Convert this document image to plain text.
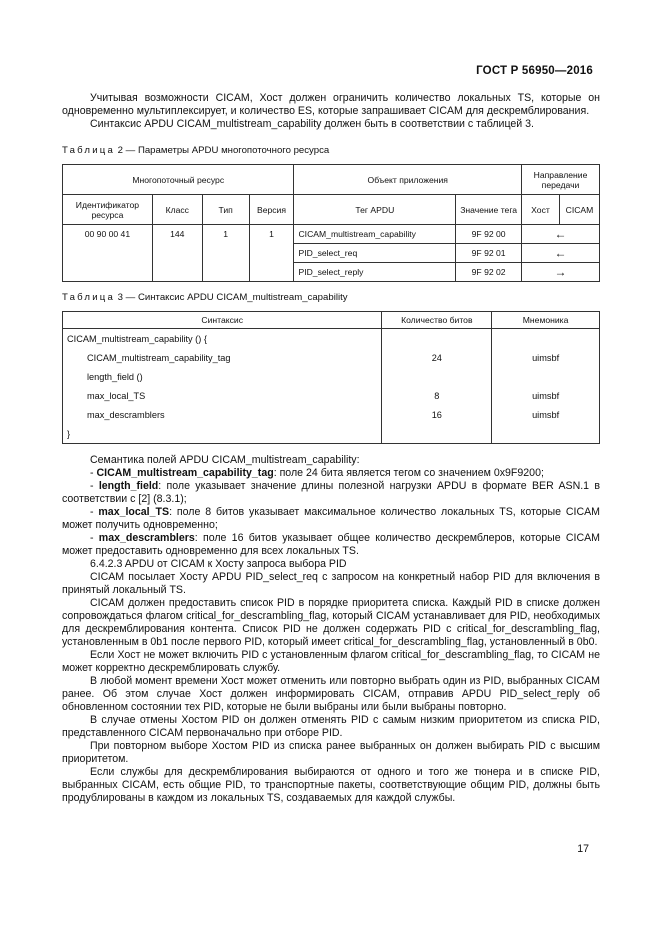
ГОСТ Р 56950—2016

Учитывая возможности CICAM, Хост должен ограничить количество локальных TS, которые он одновременно мультиплексирует, и количество ES, которые запрашивает CICAM для дескремблирования.

Синтаксис APDU CICAM_multistream_capability должен быть в соответствии с таблицей 3.

Таблица 2 — Параметры APDU многопоточного ресурса
Многопоточный ресурс				Объект приложения		Направление передачи	
Идентификатор ресурса	Класс	Тип	Версия	Тег APDU	Значение тега	Хост	CICAM
00 90 00 41	144	1	1	CICAM_multistream_capability	9F 92 00	←	
				PID_select_req	9F 92 01	←	
				PID_select_reply	9F 92 02	→	
Таблица 3 — Синтаксис APDU CICAM_multistream_capability
Синтаксис	Количество битов	Мнемоника
CICAM_multistream_capability () {		
CICAM_multistream_capability_tag	24	uimsbf
length_field ()		
max_local_TS	8	uimsbf
max_descramblers	16	uimsbf
}		

Семантика полей APDU CICAM_multistream_capability:

- CICAM_multistream_capability_tag: поле 24 бита является тегом со значением 0x9F9200;

- length_field: поле указывает значение длины полезной нагрузки APDU в формате BER ASN.1 в соответствии с [2] (8.3.1);

- max_local_TS: поле 8 битов указывает максимальное количество локальных TS, которые CICAM может получить одновременно;

- max_descramblers: поле 16 битов указывает общее количество дескремблеров, которые CICAM может предоставить одновременно для всех локальных TS.

6.4.2.3 APDU от CICAM к Хосту запроса выбора PID

CICAM посылает Хосту APDU PID_select_req с запросом на конкретный набор PID для включения в принятый локальный TS.

CICAM должен предоставить список PID в порядке приоритета списка. Каждый PID в списке должен сопровождаться флагом critical_for_descrambling_flag, который CICAM устанавливает для PID, необходимых для дескремблирования контента. Список PID не должен содержать PID с critical_for_descrambling_flag, установленным в 0b1 после первого PID, который имеет critical_for_descrambling_flag, установленный в 0b0.

Если Хост не может включить PID с установленным флагом critical_for_descrambling_flag, то CICAM не может корректно дескремблировать службу.

В любой момент времени Хост может отменить или повторно выбрать один из PID, выбранных CICAM ранее. Об этом случае Хост должен информировать CICAM, отправив APDU PID_select_reply об обновленном состоянии тех PID, которые не были выбраны или были выбраны повторно.

В случае отмены Хостом PID он должен отменять PID с самым низким приоритетом из списка PID, представленного CICAM первоначально при отборе PID.

При повторном выборе Хостом PID из списка ранее выбранных он должен выбирать PID с высшим приоритетом.

Если службы для дескремблирования выбираются от одного и того же тюнера и в списке PID, выбранных CICAM, есть общие PID, то транспортные пакеты, соответствующие общим PID, должны быть продублированы в каждом из локальных TS, создаваемых для каждой службы.

17
